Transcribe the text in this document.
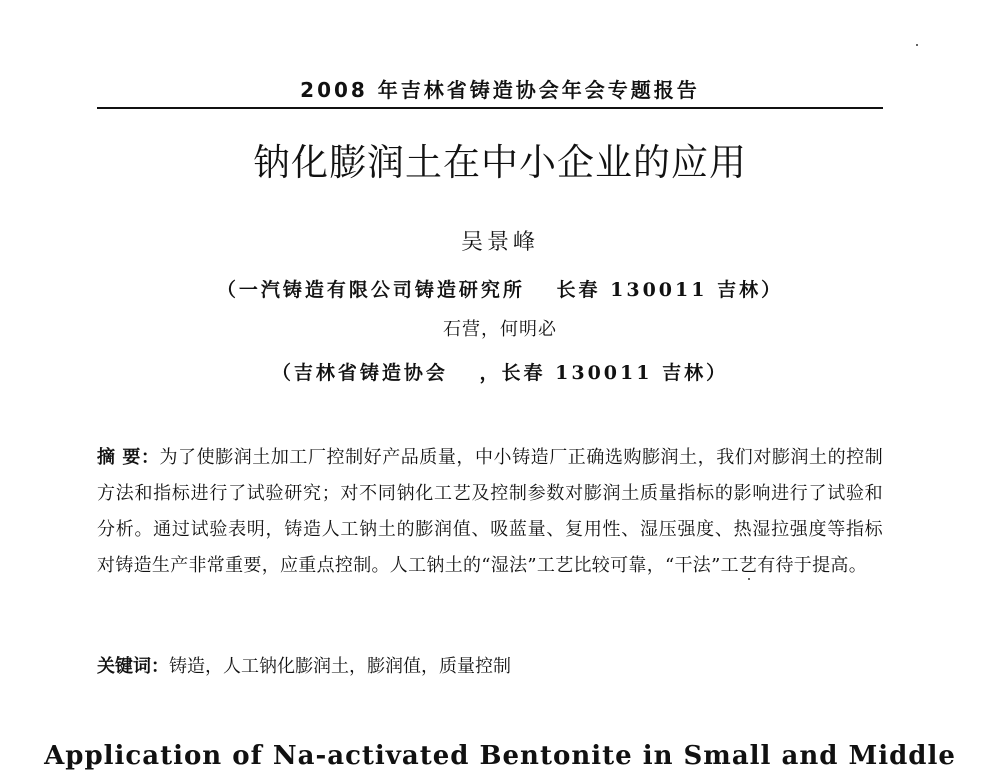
2008 年吉林省铸造协会年会专题报告
钠化膨润土在中小企业的应用
吴景峰
（一汽铸造有限公司铸造研究所　 长春 130011 吉林）
石营，何明必
（吉林省铸造协会　 ，长春 130011 吉林）
摘 要：为了使膨润土加工厂控制好产品质量，中小铸造厂正确选购膨润土，我们对膨润土的控制方法和指标进行了试验研究；对不同钠化工艺及控制参数对膨润土质量指标的影响进行了试验和分析。通过试验表明，铸造人工钠土的膨润值、吸蓝量、复用性、湿压强度、热湿拉强度等指标对铸造生产非常重要，应重点控制。人工钠土的“湿法”工艺比较可靠，“干法”工艺有待于提高。
关键词：铸造，人工钠化膨润土，膨润值，质量控制
Application of Na-activated Bentonite in Small and Middle
